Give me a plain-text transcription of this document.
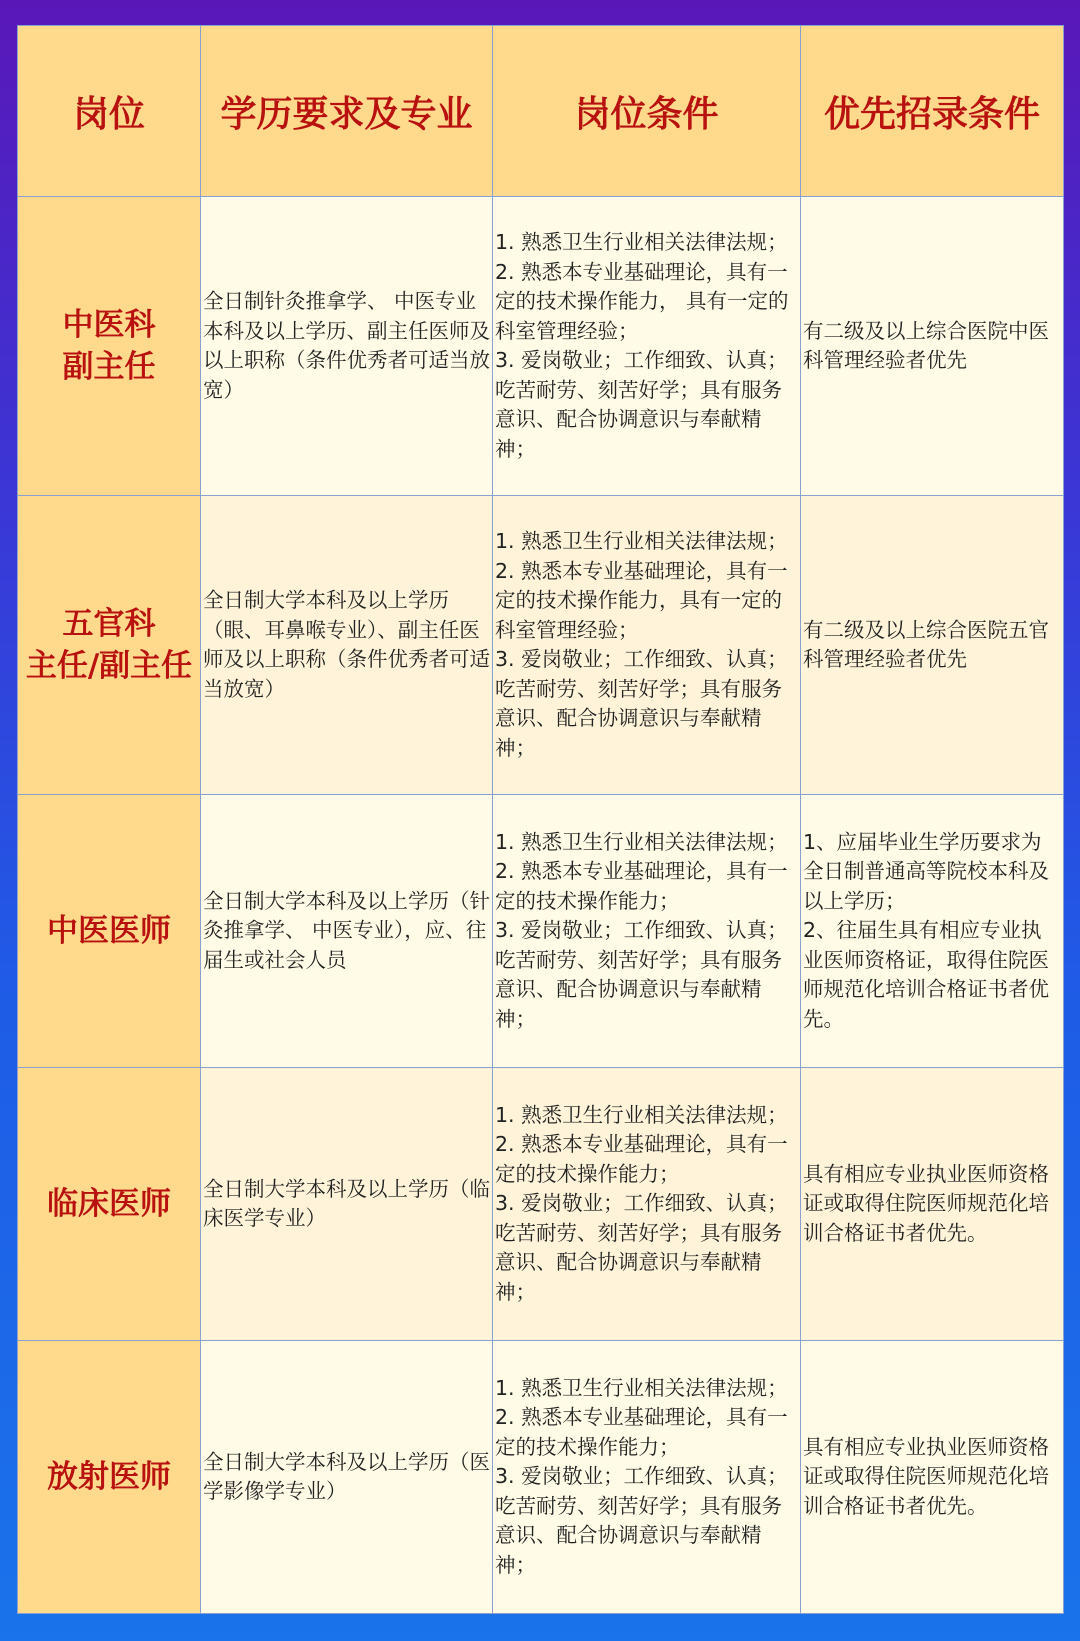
岗位	学历要求及专业	岗位条件	优先招录条件

中医科
副主任	全日制针灸推拿学、 中医专业本科及以上学历、副主任医师及以上职称（条件优秀者可适当放宽）	1. 熟悉卫生行业相关法律法规；
2. 熟悉本专业基础理论，具有一定的技术操作能力， 具有一定的科室管理经验；
3. 爱岗敬业；工作细致、认真；吃苦耐劳、刻苦好学；具有服务意识、配合协调意识与奉献精神；	有二级及以上综合医院中医科管理经验者优先

五官科
主任/副主任	全日制大学本科及以上学历（眼、耳鼻喉专业）、副主任医师及以上职称（条件优秀者可适当放宽）	1. 熟悉卫生行业相关法律法规；
2. 熟悉本专业基础理论，具有一定的技术操作能力，具有一定的科室管理经验；
3. 爱岗敬业；工作细致、认真；吃苦耐劳、刻苦好学；具有服务意识、配合协调意识与奉献精神；	有二级及以上综合医院五官科管理经验者优先

中医医师	全日制大学本科及以上学历（针灸推拿学、 中医专业），应、往届生或社会人员	1. 熟悉卫生行业相关法律法规；
2. 熟悉本专业基础理论，具有一定的技术操作能力；
3. 爱岗敬业；工作细致、认真；吃苦耐劳、刻苦好学；具有服务意识、配合协调意识与奉献精神；	1、应届毕业生学历要求为全日制普通高等院校本科及以上学历；
2、往届生具有相应专业执业医师资格证，取得住院医师规范化培训合格证书者优先。

临床医师	全日制大学本科及以上学历（临床医学专业）	1. 熟悉卫生行业相关法律法规；
2. 熟悉本专业基础理论，具有一定的技术操作能力；
3. 爱岗敬业；工作细致、认真；吃苦耐劳、刻苦好学；具有服务意识、配合协调意识与奉献精神；	具有相应专业执业医师资格证或取得住院医师规范化培训合格证书者优先。

放射医师	全日制大学本科及以上学历（医学影像学专业）	1. 熟悉卫生行业相关法律法规；
2. 熟悉本专业基础理论，具有一定的技术操作能力；
3. 爱岗敬业；工作细致、认真；吃苦耐劳、刻苦好学；具有服务意识、配合协调意识与奉献精神；	具有相应专业执业医师资格证或取得住院医师规范化培训合格证书者优先。
